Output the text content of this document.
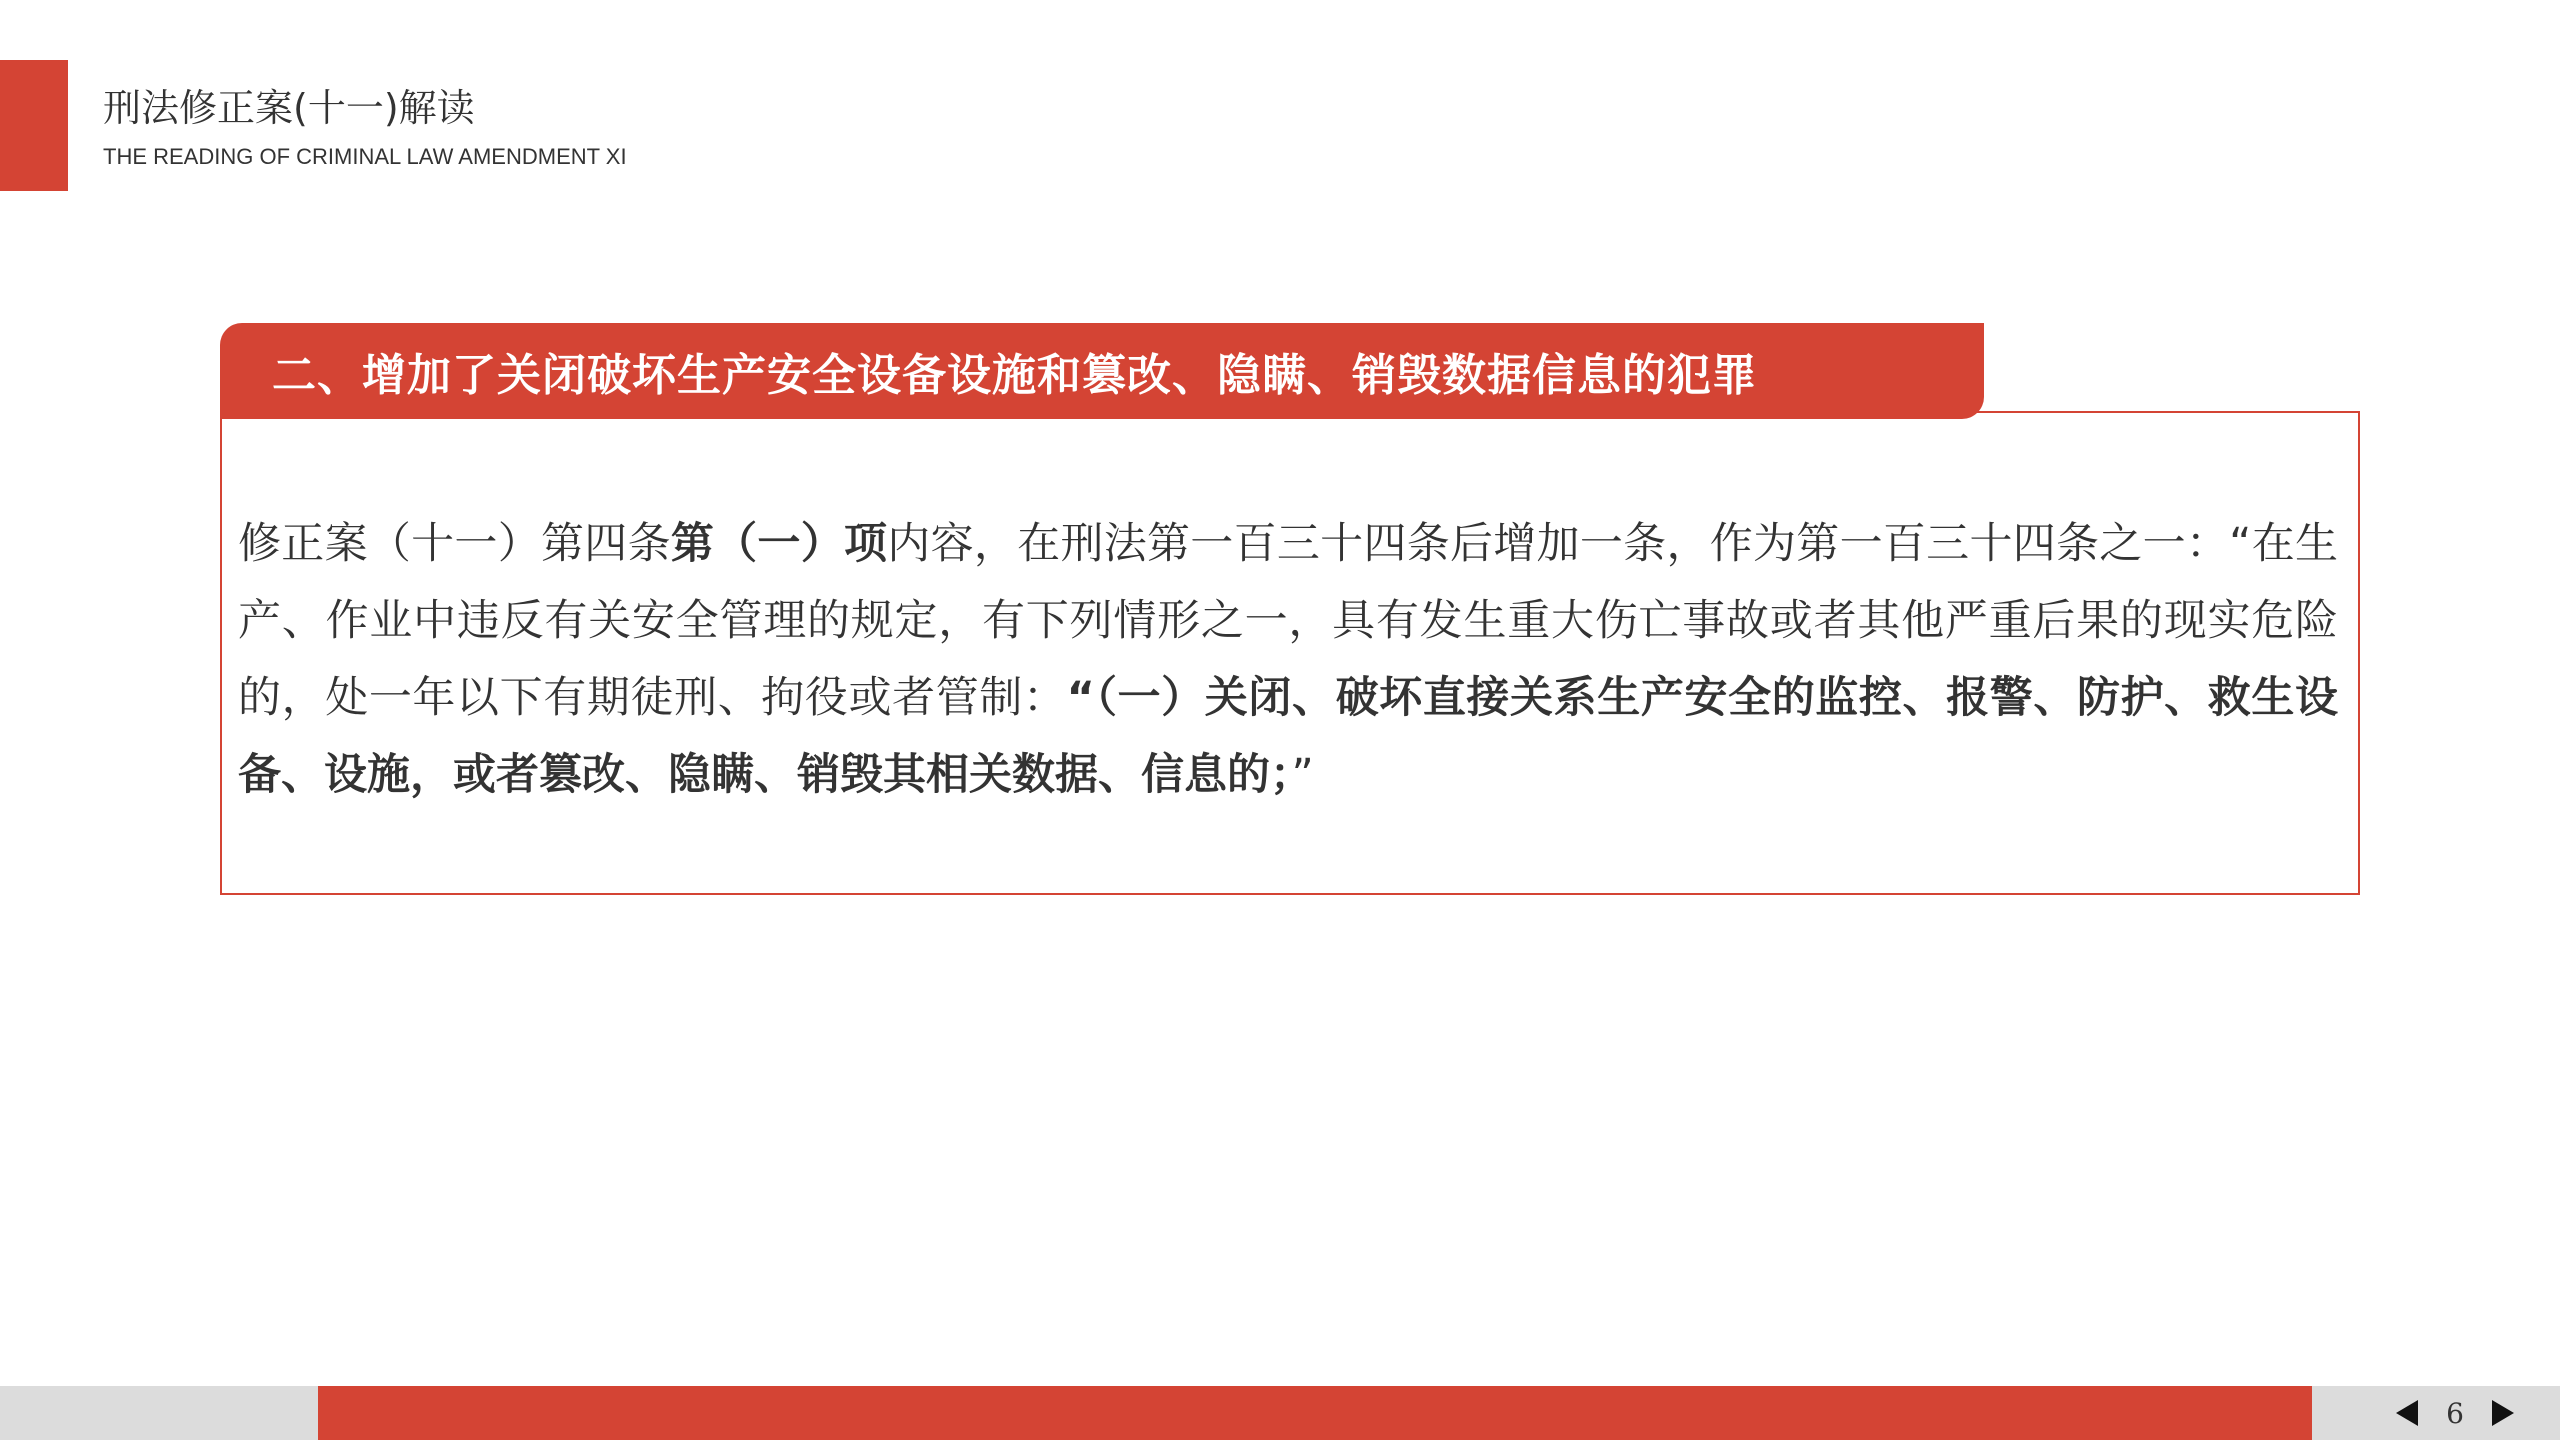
刑法修正案(十一)解读
THE READING OF CRIMINAL LAW AMENDMENT XI
二、增加了关闭破坏生产安全设备设施和篡改、隐瞒、销毁数据信息的犯罪

修正案（十一）第四条第（一）项内容，在刑法第一百三十四条后增加一条，作为第一百三十四条之一：“在生产、作业中违反有关安全管理的规定，有下列情形之一，具有发生重大伤亡事故或者其他严重后果的现实危险的，处一年以下有期徒刑、拘役或者管制：“（一）关闭、破坏直接关系生产安全的监控、报警、防护、救生设备、设施，或者篡改、隐瞒、销毁其相关数据、信息的；”

6
